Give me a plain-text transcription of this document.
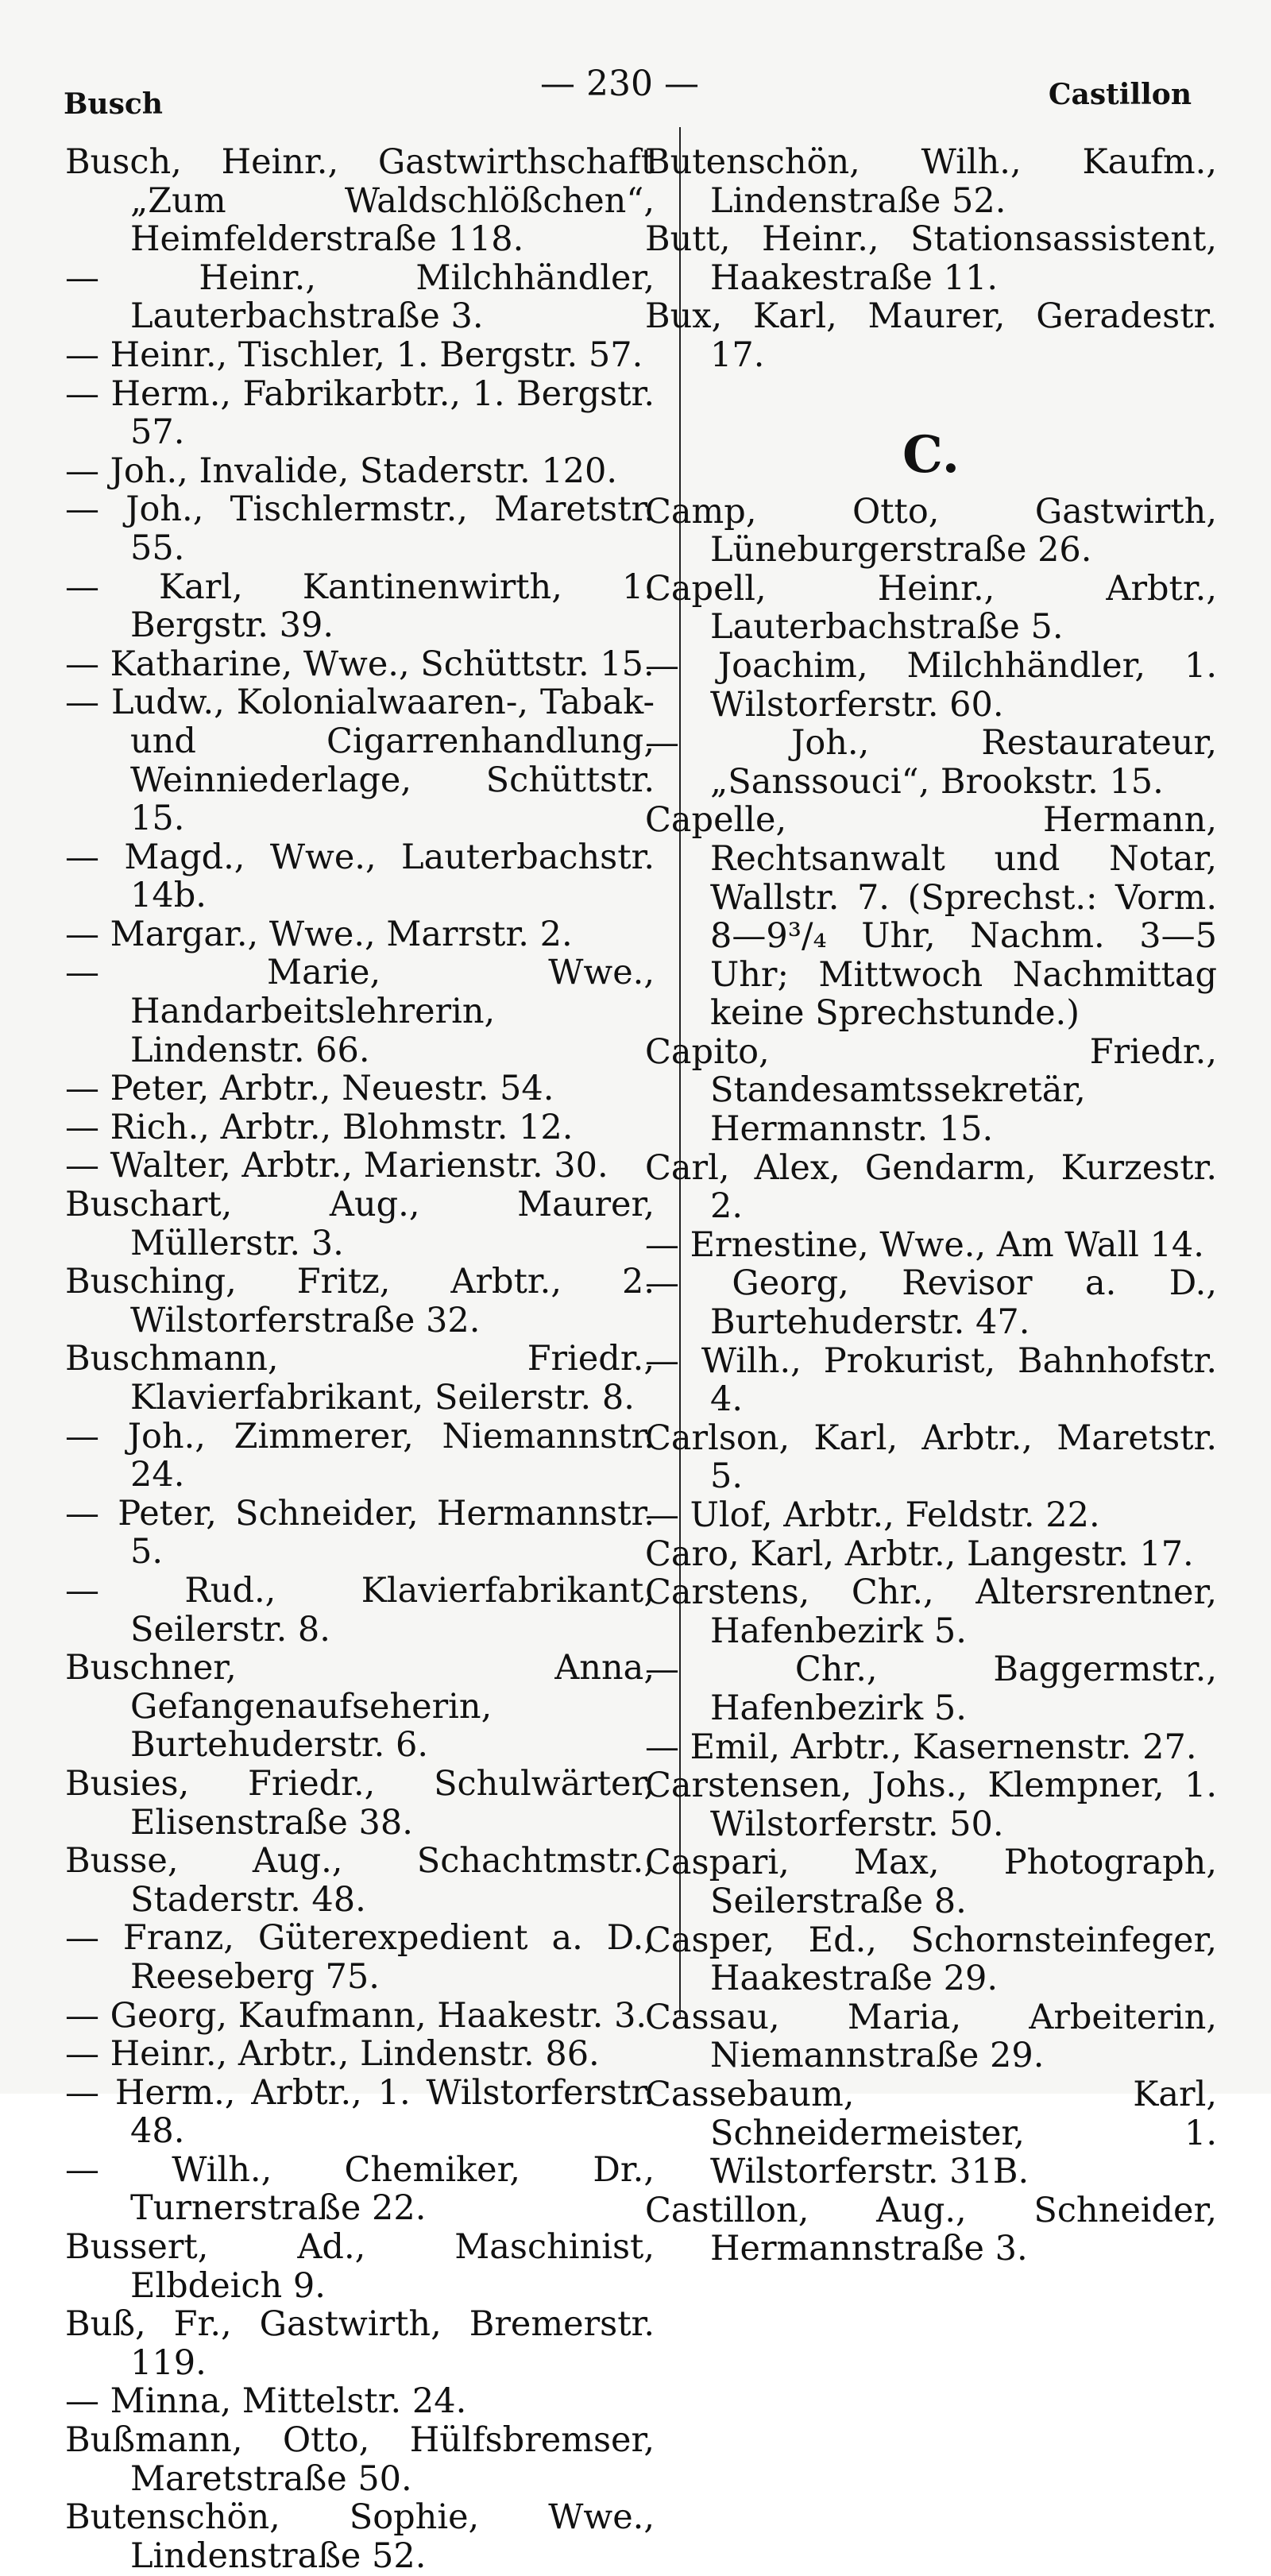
Busch	— 230 —	Castillon

Busch, Heinr., Gastwirthschaft „Zum Waldschlößchen“, Heimfelderstraße 118.

— Heinr., Milchhändler, Lauterbachstraße 3.

— Heinr., Tischler, 1. Bergstr. 57.

— Herm., Fabrikarbtr., 1. Bergstr. 57.

— Joh., Invalide, Staderstr. 120.

— Joh., Tischlermstr., Maretstr. 55.

— Karl, Kantinenwirth, 1. Bergstr. 39.

— Katharine, Wwe., Schüttstr. 15.

— Ludw., Kolonialwaaren-, Tabak- und Cigarrenhandlung, Weinniederlage, Schüttstr. 15.

— Magd., Wwe., Lauterbachstr. 14b.

— Margar., Wwe., Marrstr. 2.

— Marie, Wwe., Handarbeitslehrerin, Lindenstr. 66.

— Peter, Arbtr., Neuestr. 54.

— Rich., Arbtr., Blohmstr. 12.

— Walter, Arbtr., Marienstr. 30.

Buschart, Aug., Maurer, Müllerstr. 3.

Busching, Fritz, Arbtr., 2. Wilstorferstraße 32.

Buschmann, Friedr., Klavierfabrikant, Seilerstr. 8.

— Joh., Zimmerer, Niemannstr. 24.

— Peter, Schneider, Hermannstr. 5.

— Rud., Klavierfabrikant, Seilerstr. 8.

Buschner, Anna, Gefangenaufseherin, Burtehuderstr. 6.

Busies, Friedr., Schulwärter, Elisenstraße 38.

Busse, Aug., Schachtmstr., Staderstr. 48.

— Franz, Güterexpedient a. D., Reeseberg 75.

— Georg, Kaufmann, Haakestr. 3.

— Heinr., Arbtr., Lindenstr. 86.

— Herm., Arbtr., 1. Wilstorferstr. 48.

— Wilh., Chemiker, Dr., Turnerstraße 22.

Bussert, Ad., Maschinist, Elbdeich 9.

Buß, Fr., Gastwirth, Bremerstr. 119.

— Minna, Mittelstr. 24.

Bußmann, Otto, Hülfsbremser, Maretstraße 50.

Butenschön, Sophie, Wwe., Lindenstraße 52.

Butenschön, Wilh., Kaufm., Lindenstraße 52.

Butt, Heinr., Stationsassistent, Haakestraße 11.

Bux, Karl, Maurer, Geradestr. 17.

C.

Camp, Otto, Gastwirth, Lüneburgerstraße 26.

Capell, Heinr., Arbtr., Lauterbachstraße 5.

— Joachim, Milchhändler, 1. Wilstorferstr. 60.

— Joh., Restaurateur, „Sanssouci“, Brookstr. 15.

Capelle, Hermann, Rechtsanwalt und Notar, Wallstr. 7. (Sprechst.: Vorm. 8—9³/₄ Uhr, Nachm. 3—5 Uhr; Mittwoch Nachmittag keine Sprechstunde.)

Capito, Friedr., Standesamtssekretär, Hermannstr. 15.

Carl, Alex, Gendarm, Kurzestr. 2.

— Ernestine, Wwe., Am Wall 14.

— Georg, Revisor a. D., Burtehuderstr. 47.

— Wilh., Prokurist, Bahnhofstr. 4.

Carlson, Karl, Arbtr., Maretstr. 5.

— Ulof, Arbtr., Feldstr. 22.

Caro, Karl, Arbtr., Langestr. 17.

Carstens, Chr., Altersrentner, Hafenbezirk 5.

— Chr., Baggermstr., Hafenbezirk 5.

— Emil, Arbtr., Kasernenstr. 27.

Carstensen, Johs., Klempner, 1. Wilstorferstr. 50.

Caspari, Max, Photograph, Seilerstraße 8.

Casper, Ed., Schornsteinfeger, Haakestraße 29.

Cassau, Maria, Arbeiterin, Niemannstraße 29.

Cassebaum, Karl, Schneidermeister, 1. Wilstorferstr. 31B.

Castillon, Aug., Schneider, Hermannstraße 3.
